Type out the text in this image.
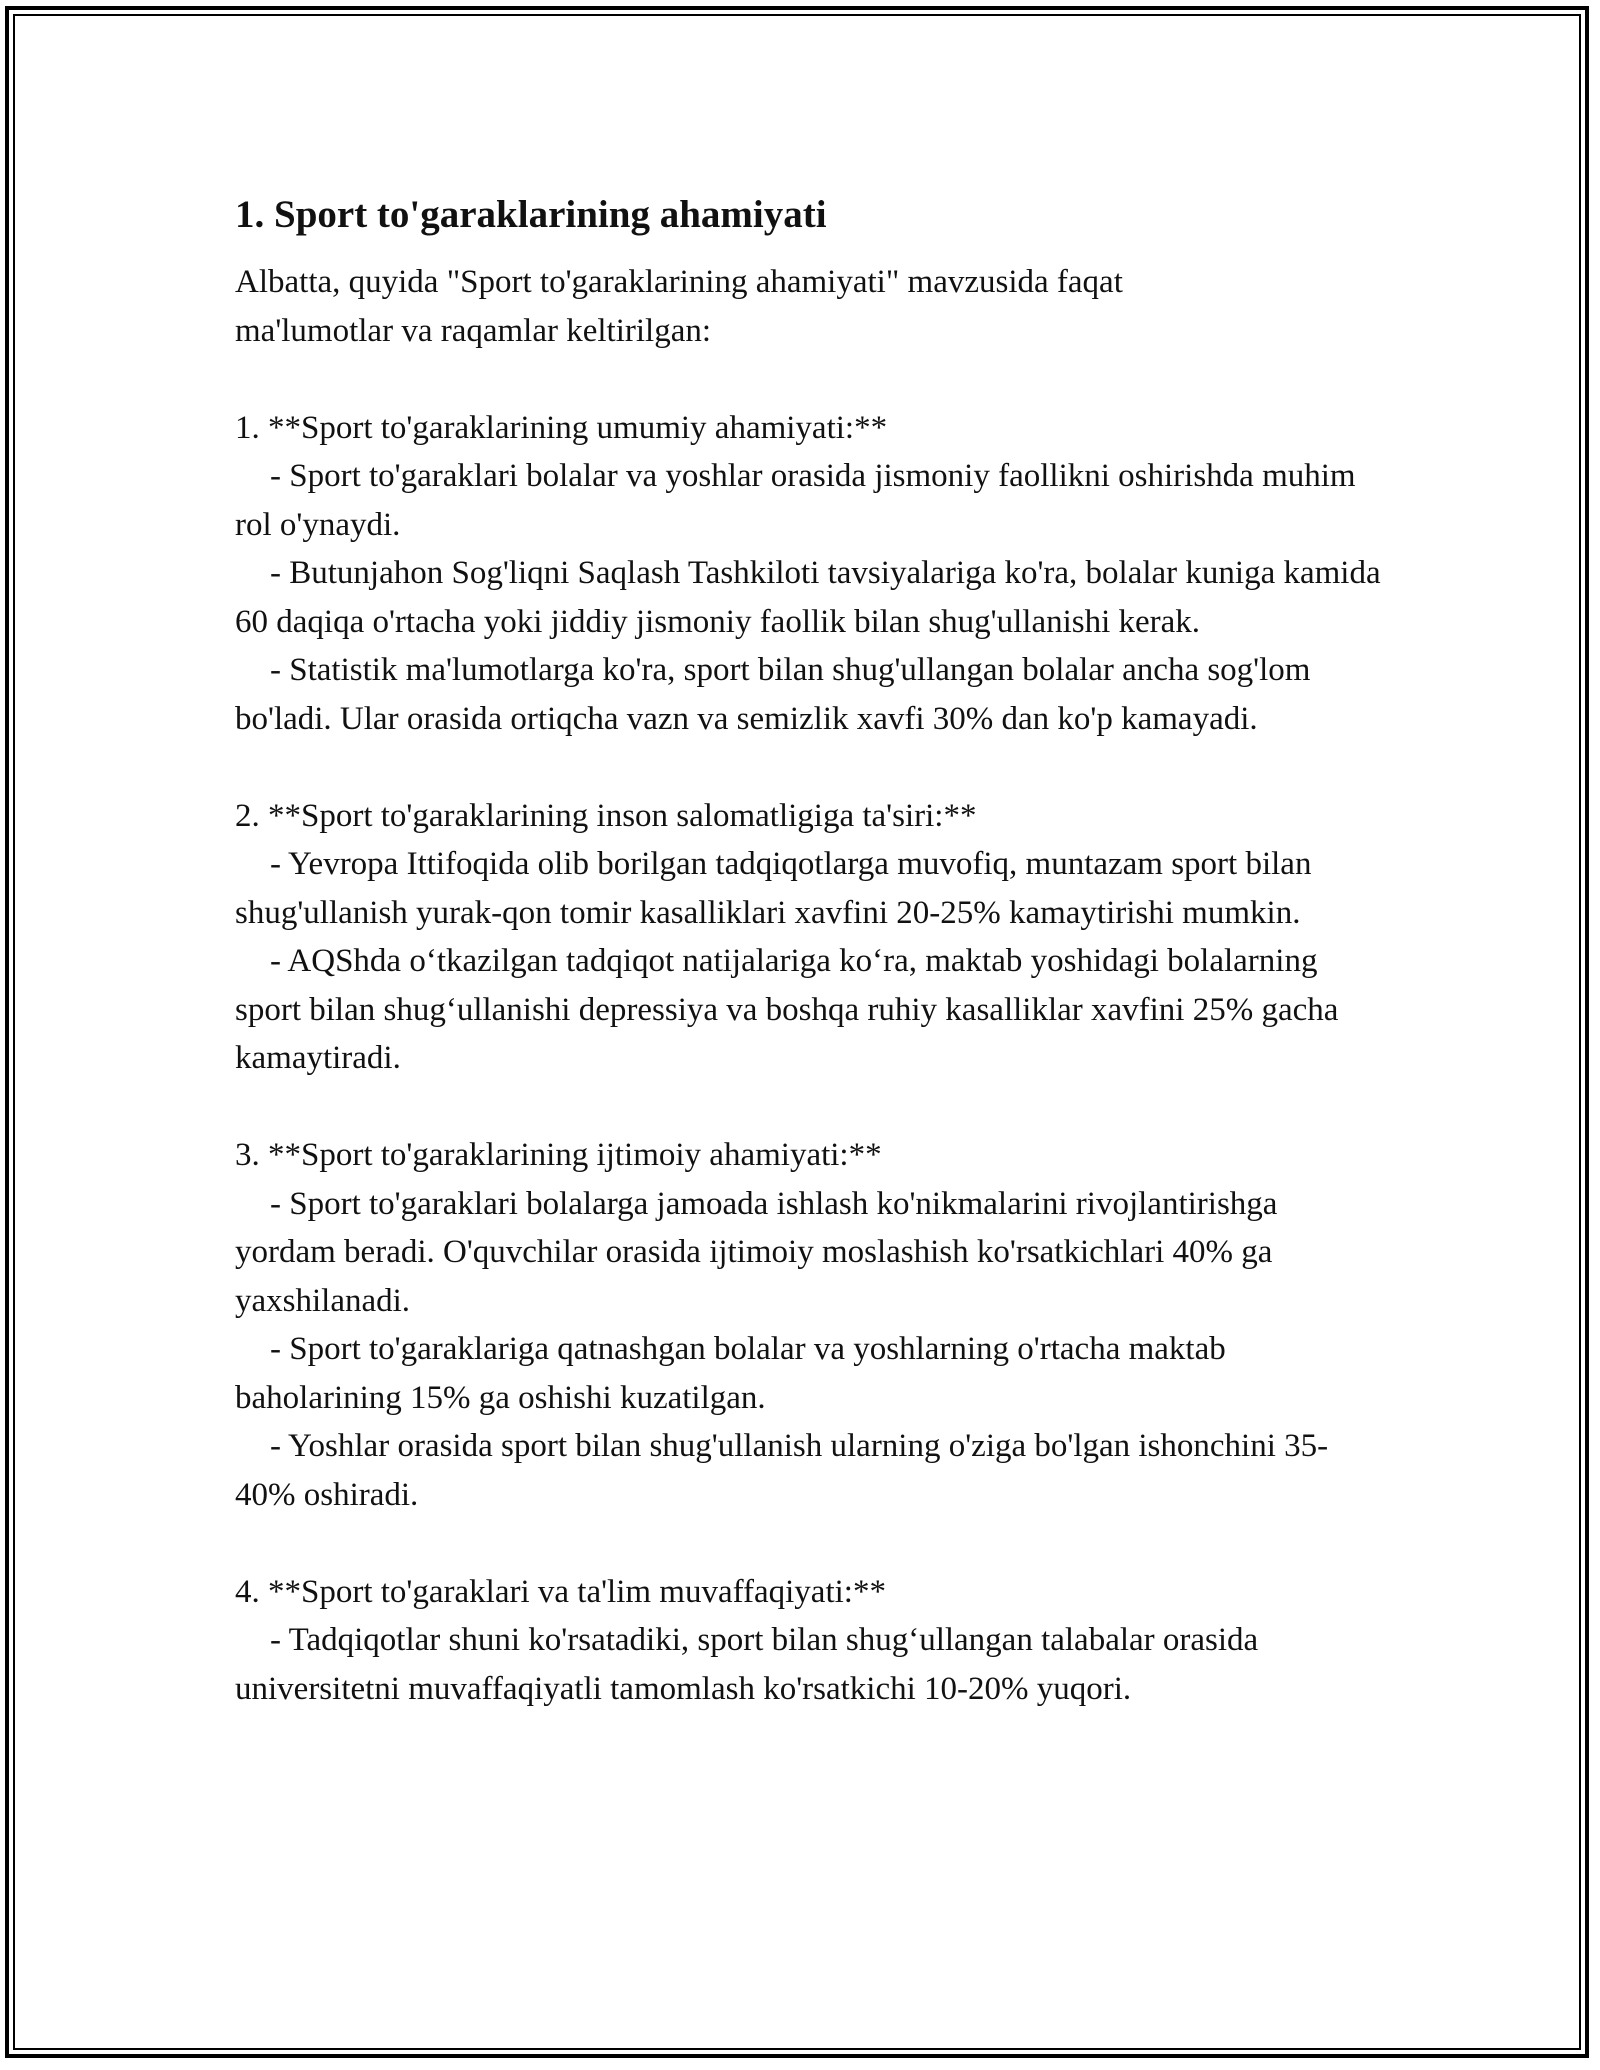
1. Sport to'garaklarining ahamiyati

Albatta, quyida "Sport to'garaklarining ahamiyati" mavzusida faqat
ma'lumotlar va raqamlar keltirilgan:

1. **Sport to'garaklarining umumiy ahamiyati:**

- Sport to'garaklari bolalar va yoshlar orasida jismoniy faollikni oshirishda muhim rol o'ynaydi.

- Butunjahon Sog'liqni Saqlash Tashkiloti tavsiyalariga ko'ra, bolalar kuniga kamida 60 daqiqa o'rtacha yoki jiddiy jismoniy faollik bilan shug'ullanishi kerak.

- Statistik ma'lumotlarga ko'ra, sport bilan shug'ullangan bolalar ancha sog'lom bo'ladi. Ular orasida ortiqcha vazn va semizlik xavfi 30% dan ko'p kamayadi.

2. **Sport to'garaklarining inson salomatligiga ta'siri:**

- Yevropa Ittifoqida olib borilgan tadqiqotlarga muvofiq, muntazam sport bilan shug'ullanish yurak-qon tomir kasalliklari xavfini 20-25% kamaytirishi mumkin.

- AQShda o‘tkazilgan tadqiqot natijalariga ko‘ra, maktab yoshidagi bolalarning sport bilan shug‘ullanishi depressiya va boshqa ruhiy kasalliklar xavfini 25% gacha kamaytiradi.

3. **Sport to'garaklarining ijtimoiy ahamiyati:**

- Sport to'garaklari bolalarga jamoada ishlash ko'nikmalarini rivojlantirishga yordam beradi. O'quvchilar orasida ijtimoiy moslashish ko'rsatkichlari 40% ga yaxshilanadi.

- Sport to'garaklariga qatnashgan bolalar va yoshlarning o'rtacha maktab baholarining 15% ga oshishi kuzatilgan.

- Yoshlar orasida sport bilan shug'ullanish ularning o'ziga bo'lgan ishonchini 35-40% oshiradi.

4. **Sport to'garaklari va ta'lim muvaffaqiyati:**

- Tadqiqotlar shuni ko'rsatadiki, sport bilan shug‘ullangan talabalar orasida universitetni muvaffaqiyatli tamomlash ko'rsatkichi 10-20% yuqori.
